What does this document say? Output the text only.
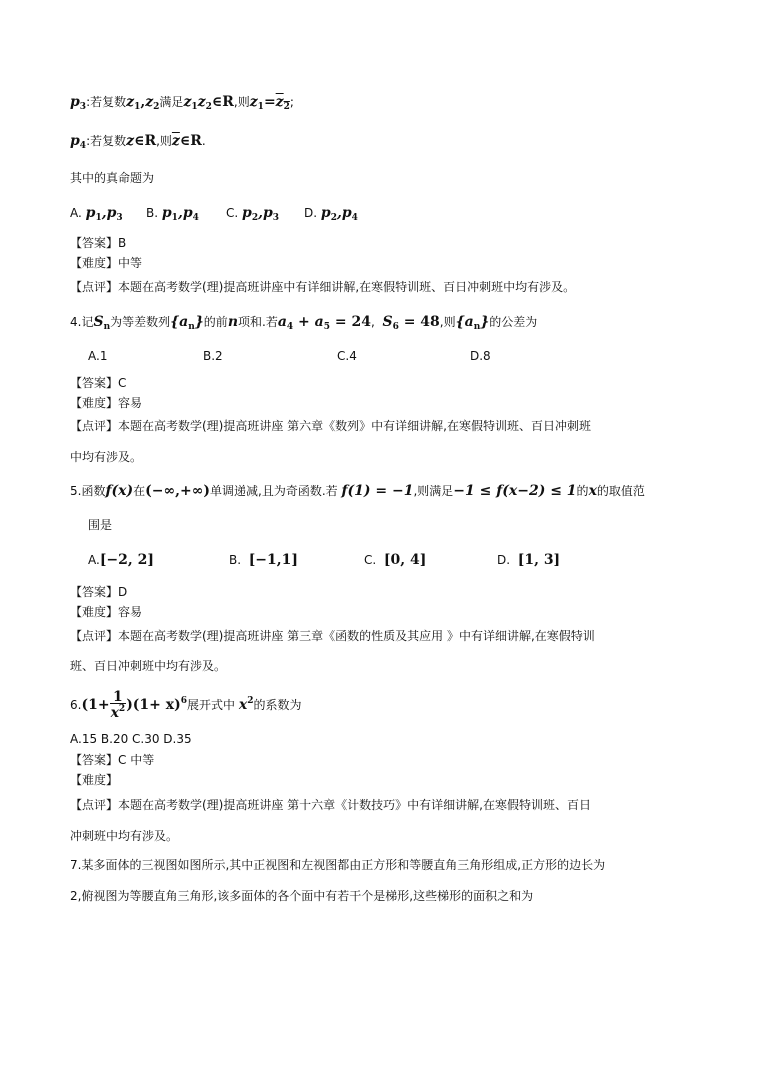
$p_3$:若复数$z_1,z_2$满足$z_1z_2\in R$,则$z_1=z_2$;
$p_4$:若复数z∈R,则$\overline{z}\in R$.
其中的真命题为
A. $p_1,p_3$ B. $p_1,p_4$ C. $p_2,p_3$ D. $p_2,p_4$
【答案】B
【难度】中等
【点评】本题在高考数学(理)提高班讲座中有详细讲解,在寒假特训班、百日冲刺班中均有涉及。
4.记$S_n$为等差数列$\{a_n\}$的前n项和.若$a_4 + a_5 = 24$, $S_6 = 48$,则$\{a_n\}$的公差为
A.1	B.2	C.4	D.8
【答案】C
【难度】容易
【点评】本题在高考数学(理)提高班讲座 第六章《数列》中有详细讲解,在寒假特训班、百日冲刺班
中均有涉及。
5.函数f(x)在(−∞,+∞)单调递减,且为奇函数.若 f(1) = −1,则满足−1 ≤ f(x−2) ≤ 1的x的取值范
围是
A.[−2, 2]	B. [−1,1]	C. [0, 4]	D. [1, 3]
【答案】D
【难度】容易
【点评】本题在高考数学(理)提高班讲座 第三章《函数的性质及其应用 》中有详细讲解,在寒假特训
班、百日冲刺班中均有涉及。
$6.(1+ \frac{1}{x^2} )(1+ x)^6$展开式中 $x^2$的系数为
A.15 B.20 C.30 D.35
【答案】C 中等
【难度】
【点评】本题在高考数学(理)提高班讲座 第十六章《计数技巧》中有详细讲解,在寒假特训班、百日
冲刺班中均有涉及。
7.某多面体的三视图如图所示,其中正视图和左视图都由正方形和等腰直角三角形组成,正方形的边长为
2,俯视图为等腰直角三角形,该多面体的各个面中有若干个是梯形,这些梯形的面积之和为
